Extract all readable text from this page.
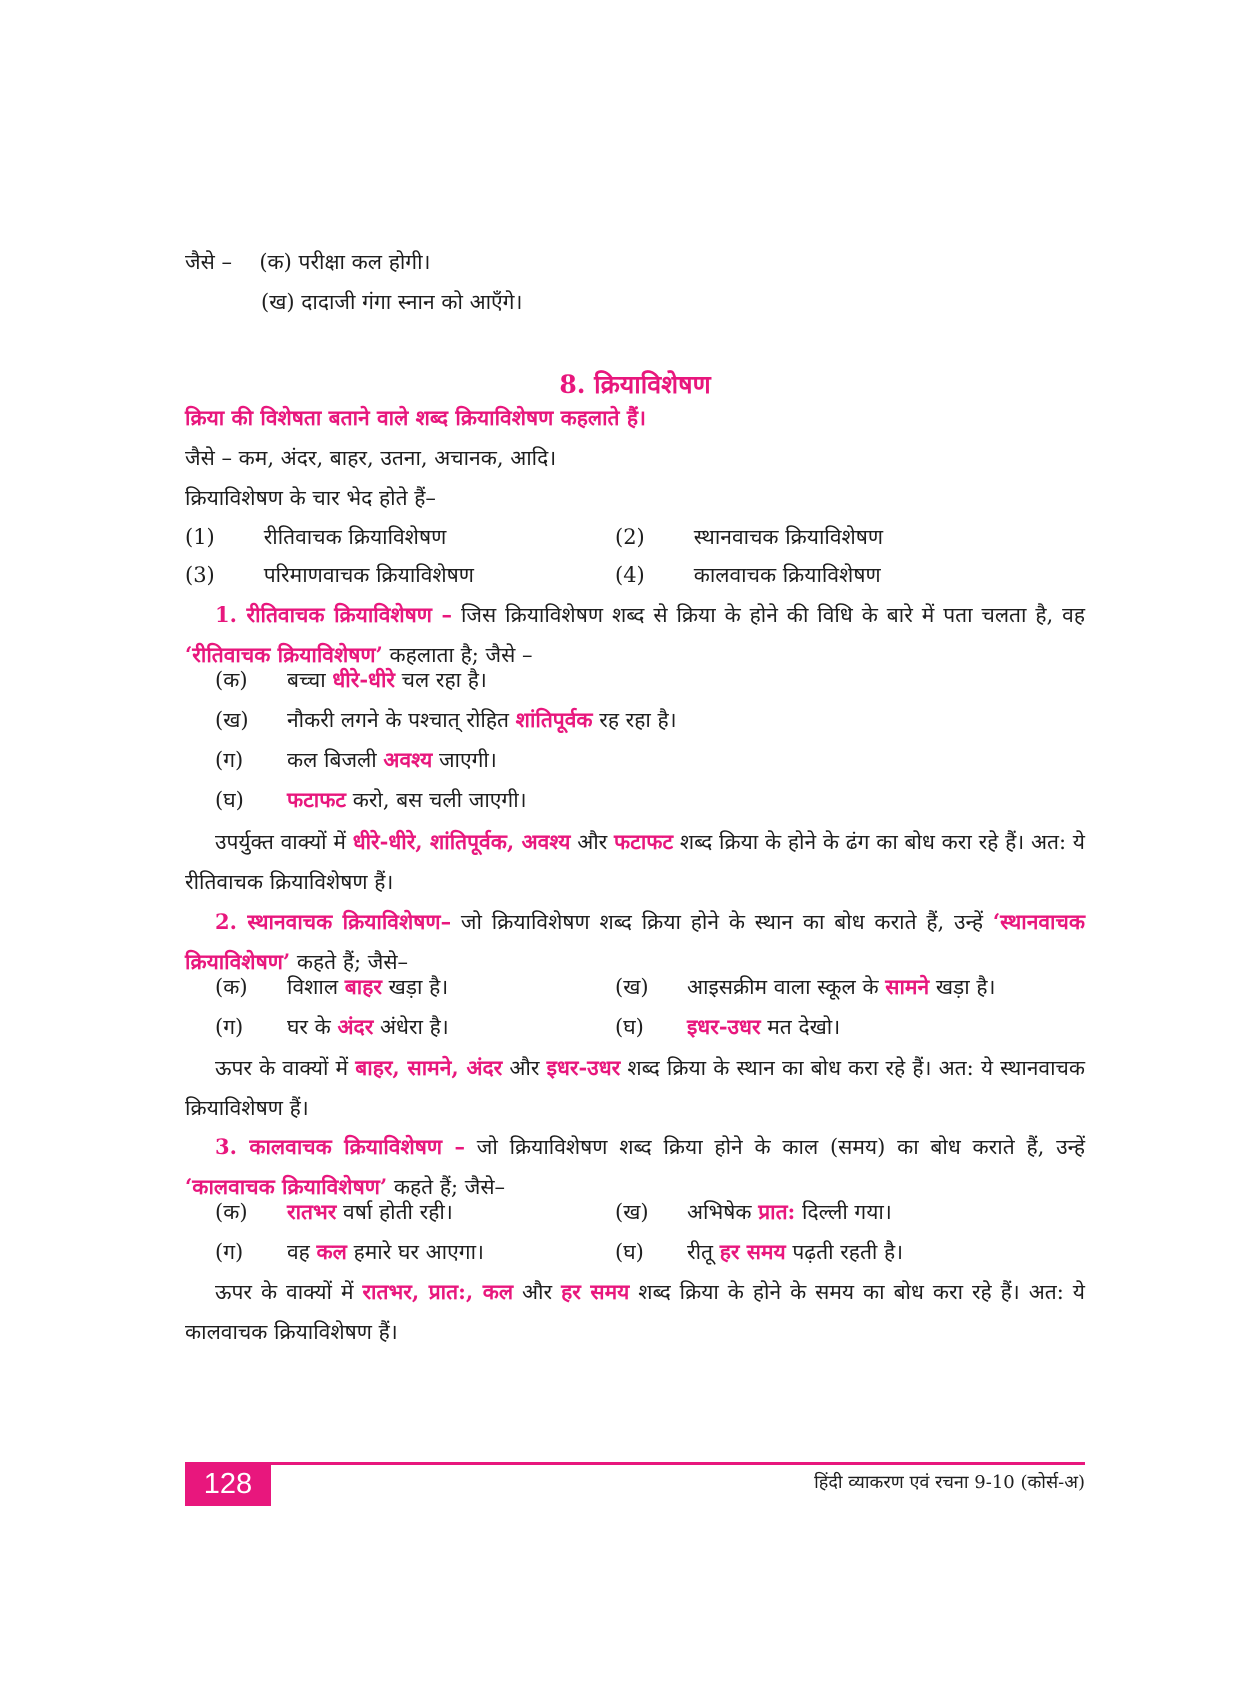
जैसे – (क) परीक्षा कल होगी।
(ख) दादाजी गंगा स्नान को आएँगे।
8. क्रियाविशेषण
क्रिया की विशेषता बताने वाले शब्द क्रियाविशेषण कहलाते हैं।
जैसे – कम, अंदर, बाहर, उतना, अचानक, आदि।
क्रियाविशेषण के चार भेद होते हैं–
(1) रीतिवाचक क्रियाविशेषण	(2) स्थानवाचक क्रियाविशेषण
(3) परिमाणवाचक क्रियाविशेषण	(4) कालवाचक क्रियाविशेषण
1. रीतिवाचक क्रियाविशेषण – जिस क्रियाविशेषण शब्द से क्रिया के होने की विधि के बारे में पता चलता है, वह ‘रीतिवाचक क्रियाविशेषण’ कहलाता है; जैसे –
(क) बच्चा धीरे-धीरे चल रहा है।
(ख) नौकरी लगने के पश्चात् रोहित शांतिपूर्वक रह रहा है।
(ग) कल बिजली अवश्य जाएगी।
(घ) फटाफट करो, बस चली जाएगी।
उपर्युक्त वाक्यों में धीरे-धीरे, शांतिपूर्वक, अवश्य और फटाफट शब्द क्रिया के होने के ढंग का बोध करा रहे हैं। अत: ये रीतिवाचक क्रियाविशेषण हैं।
2. स्थानवाचक क्रियाविशेषण– जो क्रियाविशेषण शब्द क्रिया होने के स्थान का बोध कराते हैं, उन्हें ‘स्थानवाचक क्रियाविशेषण’ कहते हैं; जैसे–
(क) विशाल बाहर खड़ा है।	(ख) आइसक्रीम वाला स्कूल के सामने खड़ा है।
(ग) घर के अंदर अंधेरा है।	(घ) इधर-उधर मत देखो।
ऊपर के वाक्यों में बाहर, सामने, अंदर और इधर-उधर शब्द क्रिया के स्थान का बोध करा रहे हैं। अत: ये स्थानवाचक क्रियाविशेषण हैं।
3. कालवाचक क्रियाविशेषण – जो क्रियाविशेषण शब्द क्रिया होने के काल (समय) का बोध कराते हैं, उन्हें ‘कालवाचक क्रियाविशेषण’ कहते हैं; जैसे–
(क) रातभर वर्षा होती रही।	(ख) अभिषेक प्रात: दिल्ली गया।
(ग) वह कल हमारे घर आएगा।	(घ) रीतू हर समय पढ़ती रहती है।
ऊपर के वाक्यों में रातभर, प्रात:, कल और हर समय शब्द क्रिया के होने के समय का बोध करा रहे हैं। अत: ये कालवाचक क्रियाविशेषण हैं।
128	हिंदी व्याकरण एवं रचना 9-10 (कोर्स-अ)
